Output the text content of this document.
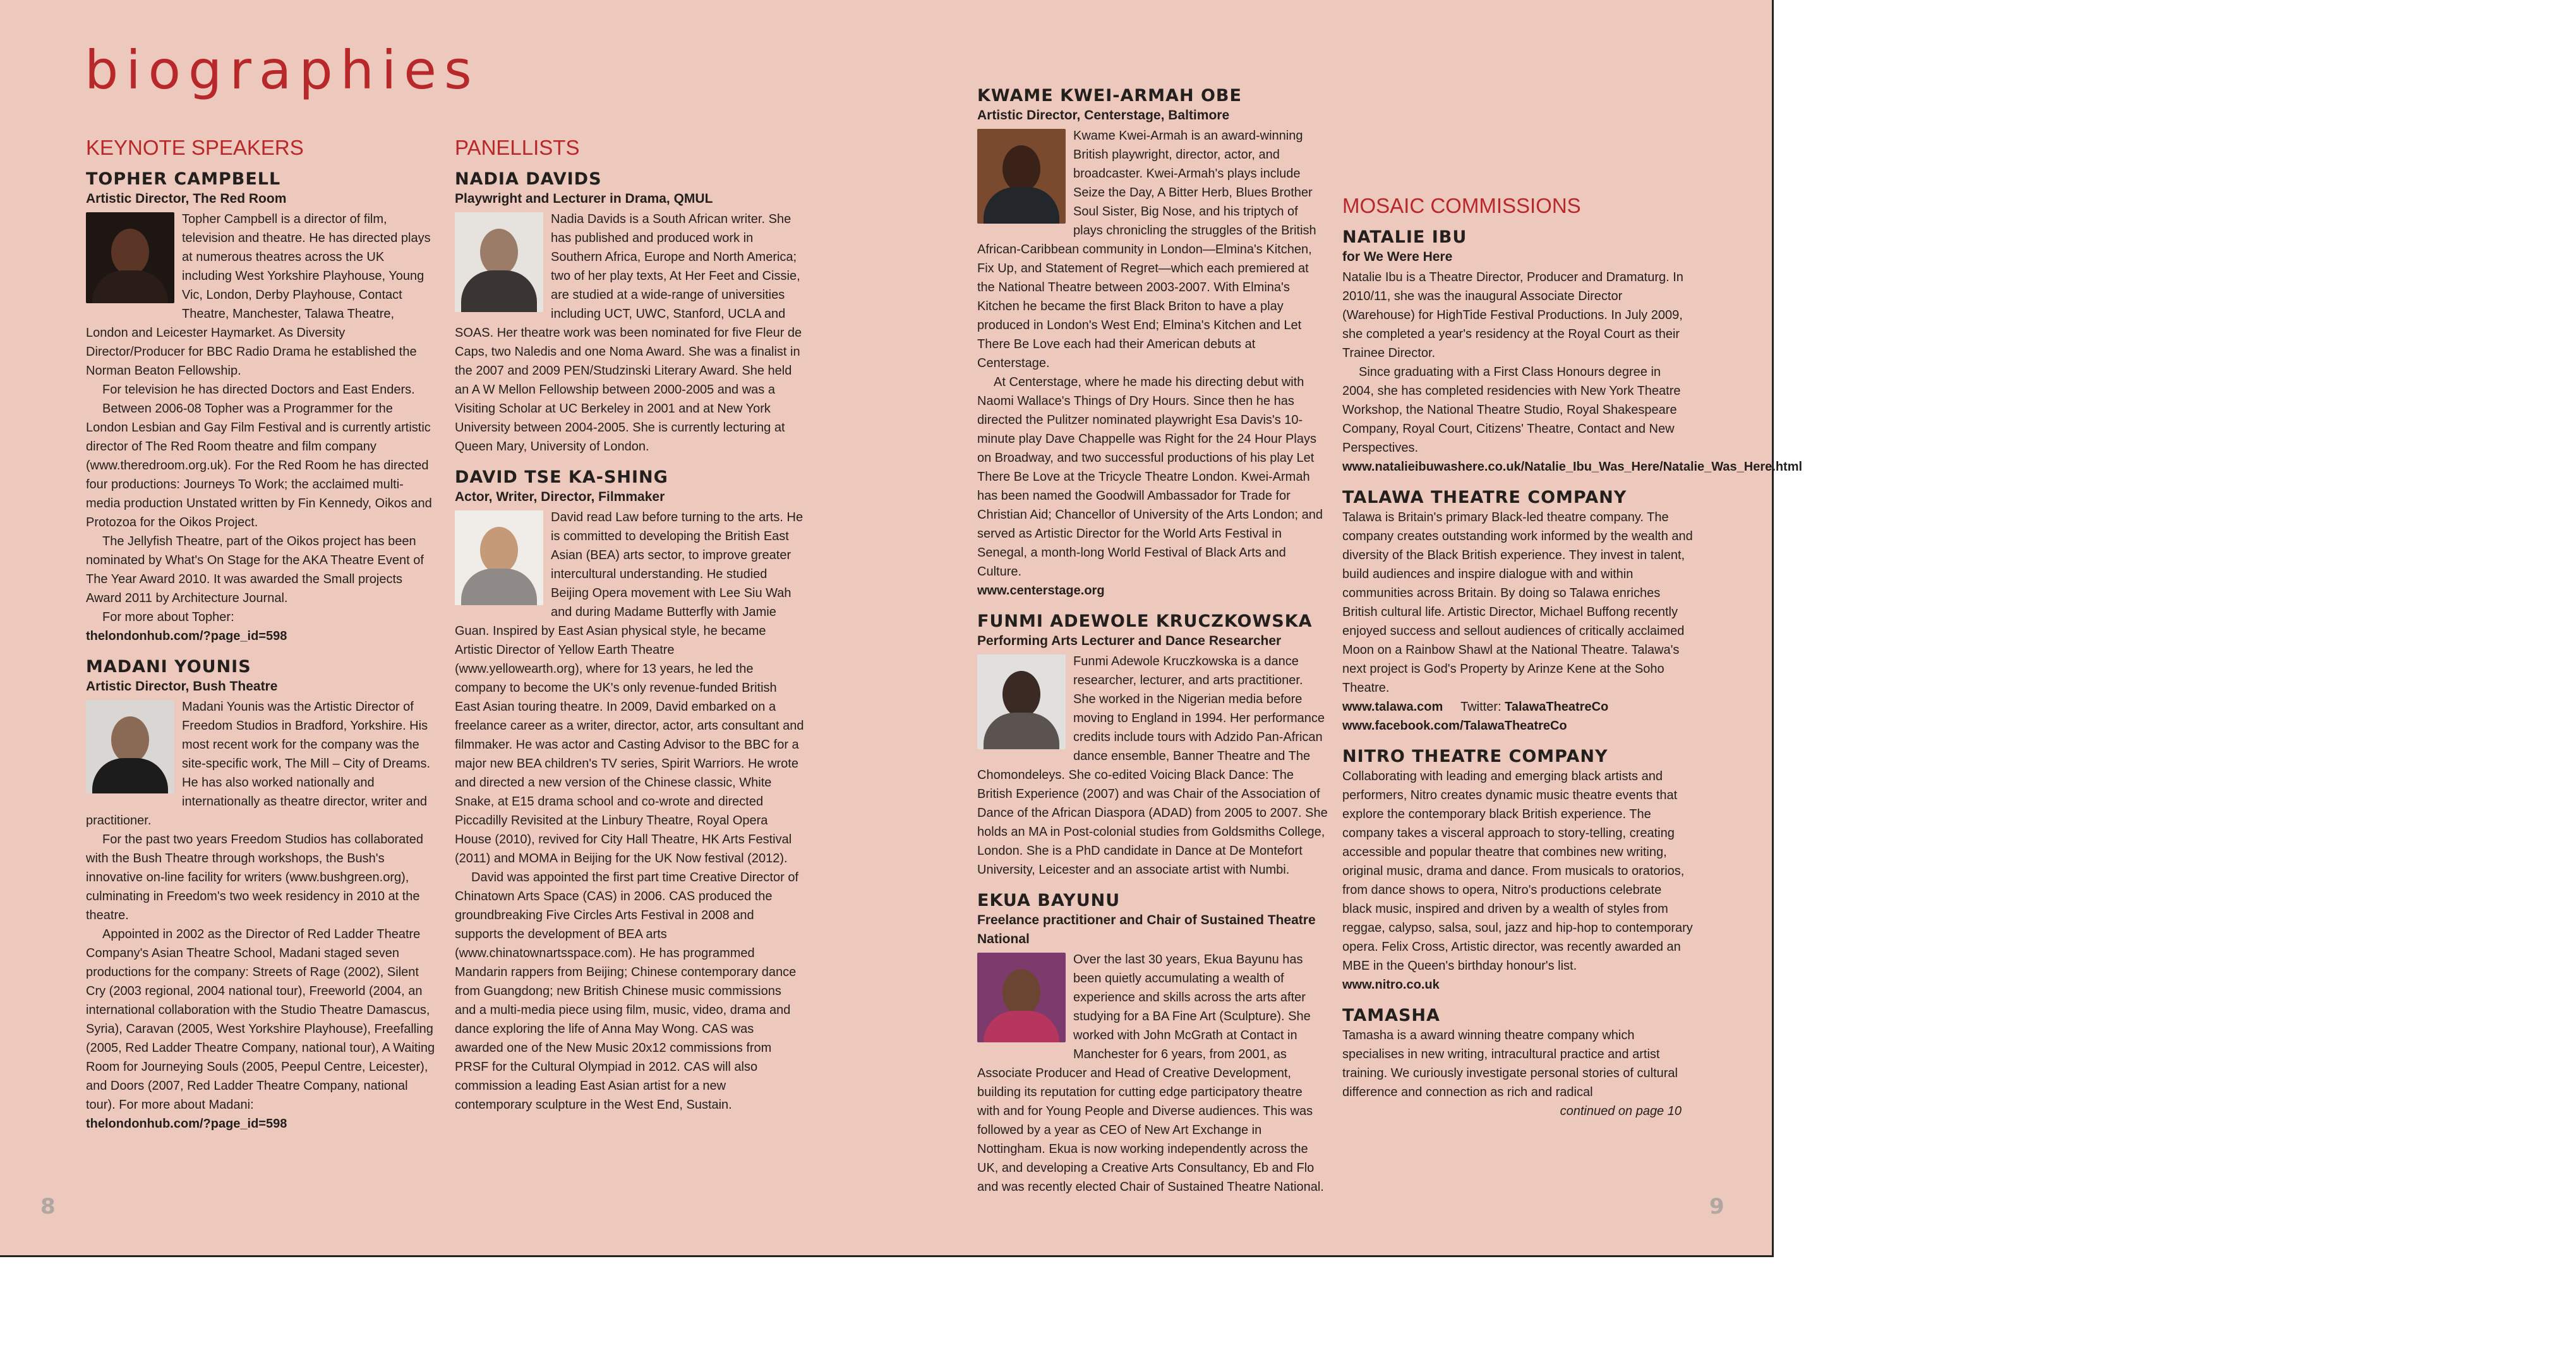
biographies
KEYNOTE SPEAKERS
TOPHER CAMPBELL
Artistic Director, The Red Room

Topher Campbell is a director of film, television and theatre. He has directed plays at numerous theatres across the UK including West Yorkshire Playhouse, Young Vic, London, Derby Playhouse, Contact Theatre, Manchester, Talawa Theatre, London and Leicester Haymarket. As Diversity Director/Producer for BBC Radio Drama he established the Norman Beaton Fellowship.

For television he has directed Doctors and East Enders.

Between 2006-08 Topher was a Programmer for the London Lesbian and Gay Film Festival and is currently artistic director of The Red Room theatre and film company (www.theredroom.org.uk). For the Red Room he has directed four productions: Journeys To Work; the acclaimed multi-media production Unstated written by Fin Kennedy, Oikos and Protozoa for the Oikos Project.

The Jellyfish Theatre, part of the Oikos project has been nominated by What's On Stage for the AKA Theatre Event of The Year Award 2010. It was awarded the Small projects Award 2011 by Architecture Journal.

For more about Topher:

thelondonhub.com/?page_id=598

MADANI YOUNIS
Artistic Director, Bush Theatre

Madani Younis was the Artistic Director of Freedom Studios in Bradford, Yorkshire. His most recent work for the company was the site-specific work, The Mill – City of Dreams. He has also worked nationally and internationally as theatre director, writer and practitioner.

For the past two years Freedom Studios has collaborated with the Bush Theatre through workshops, the Bush's innovative on-line facility for writers (www.bushgreen.org), culminating in Freedom's two week residency in 2010 at the theatre.

Appointed in 2002 as the Director of Red Ladder Theatre Company's Asian Theatre School, Madani staged seven productions for the company: Streets of Rage (2002), Silent Cry (2003 regional, 2004 national tour), Freeworld (2004, an international collaboration with the Studio Theatre Damascus, Syria), Caravan (2005, West Yorkshire Playhouse), Freefalling (2005, Red Ladder Theatre Company, national tour), A Waiting Room for Journeying Souls (2005, Peepul Centre, Leicester), and Doors (2007, Red Ladder Theatre Company, national tour). For more about Madani:

thelondonhub.com/?page_id=598

PANELLISTS
NADIA DAVIDS
Playwright and Lecturer in Drama, QMUL

Nadia Davids is a South African writer. She has published and produced work in Southern Africa, Europe and North America; two of her play texts, At Her Feet and Cissie, are studied at a wide-range of universities including UCT, UWC, Stanford, UCLA and SOAS. Her theatre work was been nominated for five Fleur de Caps, two Naledis and one Noma Award. She was a finalist in the 2007 and 2009 PEN/Studzinski Literary Award. She held an A W Mellon Fellowship between 2000-2005 and was a Visiting Scholar at UC Berkeley in 2001 and at New York University between 2004-2005. She is currently lecturing at Queen Mary, University of London.

DAVID TSE KA-SHING
Actor, Writer, Director, Filmmaker

David read Law before turning to the arts. He is committed to developing the British East Asian (BEA) arts sector, to improve greater intercultural understanding. He studied Beijing Opera movement with Lee Siu Wah and during Madame Butterfly with Jamie Guan. Inspired by East Asian physical style, he became Artistic Director of Yellow Earth Theatre (www.yellowearth.org), where for 13 years, he led the company to become the UK's only revenue-funded British East Asian touring theatre. In 2009, David embarked on a freelance career as a writer, director, actor, arts consultant and filmmaker. He was actor and Casting Advisor to the BBC for a major new BEA children's TV series, Spirit Warriors. He wrote and directed a new version of the Chinese classic, White Snake, at E15 drama school and co-wrote and directed Piccadilly Revisited at the Linbury Theatre, Royal Opera House (2010), revived for City Hall Theatre, HK Arts Festival (2011) and MOMA in Beijing for the UK Now festival (2012).

David was appointed the first part time Creative Director of Chinatown Arts Space (CAS) in 2006. CAS produced the groundbreaking Five Circles Arts Festival in 2008 and supports the development of BEA arts (www.chinatownartsspace.com). He has programmed Mandarin rappers from Beijing; Chinese contemporary dance from Guangdong; new British Chinese music commissions and a multi-media piece using film, music, video, drama and dance exploring the life of Anna May Wong. CAS was awarded one of the New Music 20x12 commissions from PRSF for the Cultural Olympiad in 2012. CAS will also commission a leading East Asian artist for a new contemporary sculpture in the West End, Sustain.

KWAME KWEI-ARMAH OBE
Artistic Director, Centerstage, Baltimore

Kwame Kwei-Armah is an award-winning British playwright, director, actor, and broadcaster. Kwei-Armah's plays include Seize the Day, A Bitter Herb, Blues Brother Soul Sister, Big Nose, and his triptych of plays chronicling the struggles of the British African-Caribbean community in London—Elmina's Kitchen, Fix Up, and Statement of Regret—which each premiered at the National Theatre between 2003-2007. With Elmina's Kitchen he became the first Black Briton to have a play produced in London's West End; Elmina's Kitchen and Let There Be Love each had their American debuts at Centerstage.

At Centerstage, where he made his directing debut with Naomi Wallace's Things of Dry Hours. Since then he has directed the Pulitzer nominated playwright Esa Davis's 10-minute play Dave Chappelle was Right for the 24 Hour Plays on Broadway, and two successful productions of his play Let There Be Love at the Tricycle Theatre London. Kwei-Armah has been named the Goodwill Ambassador for Trade for Christian Aid; Chancellor of University of the Arts London; and served as Artistic Director for the World Arts Festival in Senegal, a month-long World Festival of Black Arts and Culture.

www.centerstage.org

FUNMI ADEWOLE KRUCZKOWSKA
Performing Arts Lecturer and Dance Researcher

Funmi Adewole Kruczkowska is a dance researcher, lecturer, and arts practitioner. She worked in the Nigerian media before moving to England in 1994. Her performance credits include tours with Adzido Pan-African dance ensemble, Banner Theatre and The Chomondeleys. She co-edited Voicing Black Dance: The British Experience (2007) and was Chair of the Association of Dance of the African Diaspora (ADAD) from 2005 to 2007. She holds an MA in Post-colonial studies from Goldsmiths College, London. She is a PhD candidate in Dance at De Montefort University, Leicester and an associate artist with Numbi.

EKUA BAYUNU
Freelance practitioner and Chair of Sustained Theatre National

Over the last 30 years, Ekua Bayunu has been quietly accumulating a wealth of experience and skills across the arts after studying for a BA Fine Art (Sculpture). She worked with John McGrath at Contact in Manchester for 6 years, from 2001, as Associate Producer and Head of Creative Development, building its reputation for cutting edge participatory theatre with and for Young People and Diverse audiences. This was followed by a year as CEO of New Art Exchange in Nottingham. Ekua is now working independently across the UK, and developing a Creative Arts Consultancy, Eb and Flo and was recently elected Chair of Sustained Theatre National.

MOSAIC COMMISSIONS
NATALIE IBU
for We Were Here

Natalie Ibu is a Theatre Director, Producer and Dramaturg. In 2010/11, she was the inaugural Associate Director (Warehouse) for HighTide Festival Productions. In July 2009, she completed a year's residency at the Royal Court as their Trainee Director.

Since graduating with a First Class Honours degree in 2004, she has completed residencies with New York Theatre Workshop, the National Theatre Studio, Royal Shakespeare Company, Royal Court, Citizens' Theatre, Contact and New Perspectives.

www.natalieibuwashere.co.uk/Natalie_Ibu_Was_Here/Natalie_Was_Here.html

TALAWA THEATRE COMPANY

Talawa is Britain's primary Black-led theatre company. The company creates outstanding work informed by the wealth and diversity of the Black British experience. They invest in talent, build audiences and inspire dialogue with and within communities across Britain. By doing so Talawa enriches British cultural life. Artistic Director, Michael Buffong recently enjoyed success and sellout audiences of critically acclaimed Moon on a Rainbow Shawl at the National Theatre. Talawa's next project is God's Property by Arinze Kene at the Soho Theatre.

www.talawa.com Twitter: TalawaTheatreCo

www.facebook.com/TalawaTheatreCo

NITRO THEATRE COMPANY

Collaborating with leading and emerging black artists and performers, Nitro creates dynamic music theatre events that explore the contemporary black British experience. The company takes a visceral approach to story-telling, creating accessible and popular theatre that combines new writing, original music, drama and dance. From musicals to oratorios, from dance shows to opera, Nitro's productions celebrate black music, inspired and driven by a wealth of styles from reggae, calypso, salsa, soul, jazz and hip-hop to contemporary opera. Felix Cross, Artistic director, was recently awarded an MBE in the Queen's birthday honour's list.

www.nitro.co.uk

TAMASHA

Tamasha is a award winning theatre company which specialises in new writing, intracultural practice and artist training. We curiously investigate personal stories of cultural difference and connection as rich and radical

continued on page 10

8	9
